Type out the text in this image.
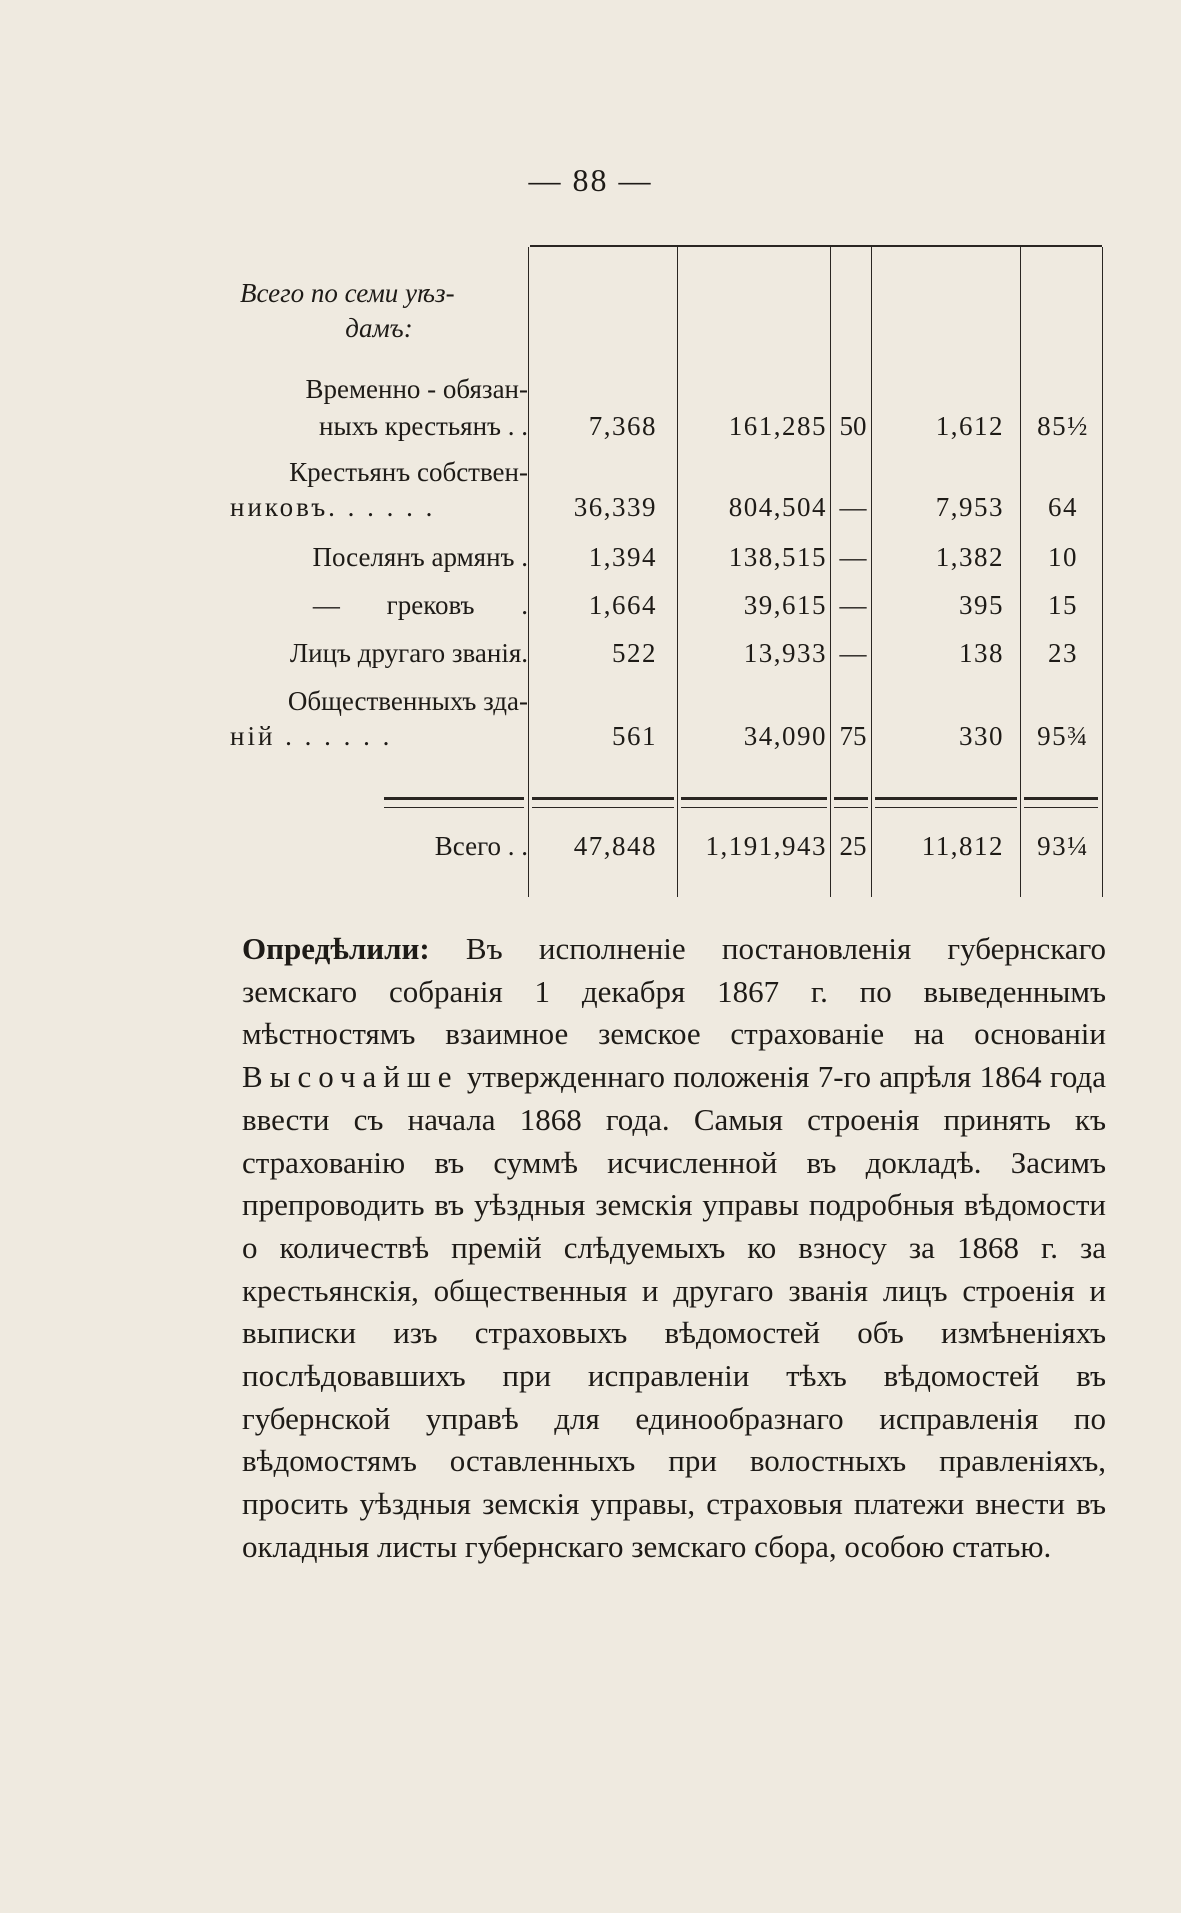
— 88 —
Всего по семи уѣз-
дамъ:
Временно - обязан-
ныхъ крестьянъ . .	7,368	161,285 50	1,612	85½
Крестьянъ собствен-
никовъ. . . . . .	36,339	804,504 —	7,953	64
Поселянъ армянъ .	1,394	138,515 —	1,382	10
— грековъ .	1,664	39,615 —	395	15
Лицъ другаго званія.	522	13,933 —	138	23
Общественныхъ зда-
ній . . . . . .	561	34,090 75	330	95¾
Всего . .	47,848	1,191,943 25	11,812	93¼
Опредѣлили: Въ исполненіе постановленія губернскаго земскаго собранія 1 декабря 1867 г. по выведеннымъ мѣстностямъ взаимное земское страхованіе на основаніи Высочайше утвержденнаго положенія 7-го апрѣля 1864 года ввести съ начала 1868 года. Самыя строенія принять къ страхованію въ суммѣ исчисленной въ докладѣ. Засимъ препроводить въ уѣздныя земскія управы подробныя вѣдомости о количествѣ премій слѣдуемыхъ ко взносу за 1868 г. за крестьянскія, общественныя и другаго званія лицъ строенія и выписки изъ страховыхъ вѣдомостей объ измѣненіяхъ послѣдовавшихъ при исправленіи тѣхъ вѣдомостей въ губернской управѣ для единообразнаго исправленія по вѣдомостямъ оставленныхъ при волостныхъ правленіяхъ, просить уѣздныя земскія управы, страховыя платежи внести въ окладныя листы губернскаго земскаго сбора, особою статью.
